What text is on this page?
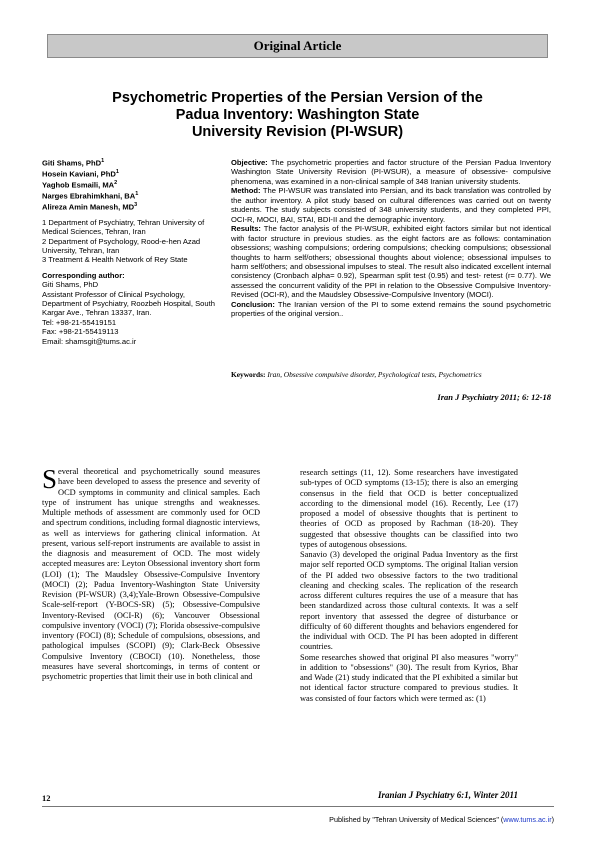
Original Article
Psychometric Properties of the Persian Version of the
Padua Inventory: Washington State
University Revision (PI-WSUR)
Giti Shams, PhD$^1$
Hosein Kaviani, PhD$^1$
Yaghob Esmaili, $MA^2$
Narges Ebrahimkhani, $BA^1$
Alireza Amin Manesh, $MD^3$
1 Department of Psychiatry, Tehran University of Medical Sciences, Tehran, Iran
2 Department of Psychology, Rood-e-hen Azad University, Tehran, Iran
3 Treatment & Health Network of Rey State
Corresponding author:
Giti Shams, PhD
Assistant Professor of Clinical Psychology, Department of Psychiatry, Roozbeh Hospital, South Kargar Ave., Tehran 13337, Iran.
Tel: +98-21-55419151
Fax: +98-21-55419113
Email: shamsgit@tums.ac.ir
Objective: The psychometric properties and factor structure of the Persian Padua Inventory Washington State University Revision (PI-WSUR), a measure of obsessive- compulsive phenomena, was examined in a non-clinical sample of 348 Iranian university students.
Method: The PI-WSUR was translated into Persian, and its back translation was controlled by the author inventory. A pilot study based on cultural differences was carried out on twenty students. The study subjects consisted of 348 university students, and they completed PPI, OCI-R, MOCI, BAI, STAI, BDI-II and the demographic inventory.
Results: The factor analysis of the PI-WSUR, exhibited eight factors similar but not identical with factor structure in previous studies. as the eight factors are as follows: contamination obsessions; washing compulsions; ordering compulsions; checking compulsions; obsessional thoughts to harm self/others; obsessional thoughts about violence; obsessional impulses to harm self/others; and obsessional impulses to steal. The result also indicated excellent internal consistency (Cronbach alpha= 0.92), Spearman split test (0.95) and test- retest (r= 0.77). We assessed the concurrent validity of the PPI in relation to the Obsessive Compulsive Inventory-Revised (OCI-R), and the Maudsley Obsessive-Compulsive Inventory (MOCI).
Conclusion: The Iranian version of the PI to some extend remains the sound psychometric properties of the original version..
Keywords: Iran, Obsessive compulsive disorder, Psychological tests, Psychometrics
Iran J Psychiatry 2011; 6: 12-18

Several theoretical and psychometrically sound measures have been developed to assess the presence and severity of OCD symptoms in community and clinical samples. Each type of instrument has unique strengths and weaknesses. Multiple methods of assessment are commonly used for OCD and spectrum conditions, including formal diagnostic interviews, as well as interviews for gathering clinical information. At present, various self-report instruments are available to assist in the diagnosis and measurement of OCD. The most widely accepted measures are: Leyton Obsessional inventory short form (LOI) (1); The Maudsley Obsessive-Compulsive Inventory (MOCI) (2); Padua Inventory-Washington State University Revision (PI-WSUR) (3,4);Yale-Brown Obsessive-Compulsive Scale-self-report (Y-BOCS-SR) (5); Obsessive-Compulsive Inventory-Revised (OCI-R) (6); Vancouver Obsessional compulsive inventory (VOCI) (7); Florida obsessive-compulsive inventory (FOCI) (8); Schedule of compulsions, obsessions, and pathological impulses (SCOPI) (9); Clark-Beck Obsessive Compulsive Inventory (CBOCI) (10). Nonetheless, those measures have several shortcomings, in terms of content or psychometric properties that limit their use in both clinical and

research settings (11, 12). Some researchers have investigated sub-types of OCD symptoms (13-15); there is also an emerging consensus in the field that OCD is better conceptualized according to the dimensional model (16). Recently, Lee (17) proposed a model of obsessive thoughts that is pertinent to theories of OCD as proposed by Rachman (18-20). They suggested that obsessive thoughts can be classified into two types of autogenous obsessions.

Sanavio (3) developed the original Padua Inventory as the first major self reported OCD symptoms. The original Italian version of the PI added two obsessive factors to the two traditional cleaning and checking scales. The replication of the research across different cultures requires the use of a measure that has been standardized across those cultural contexts. It was a self report inventory that assessed the degree of disturbance or difficulty of 60 different thoughts and behaviors engendered for the individual with OCD. The PI has been adopted in different countries.

Some researches showed that original PI also measures "worry" in addition to "obsessions" (30). The result from Kyrios, Bhar and Wade (21) study indicated that the PI exhibited a similar but not identical factor structure compared to previous studies. It was consisted of four factors which were termed as: (1)

12	Iranian J Psychiatry 6:1, Winter 2011
Published by "Tehran University of Medical Sciences" (www.tums.ac.ir)
